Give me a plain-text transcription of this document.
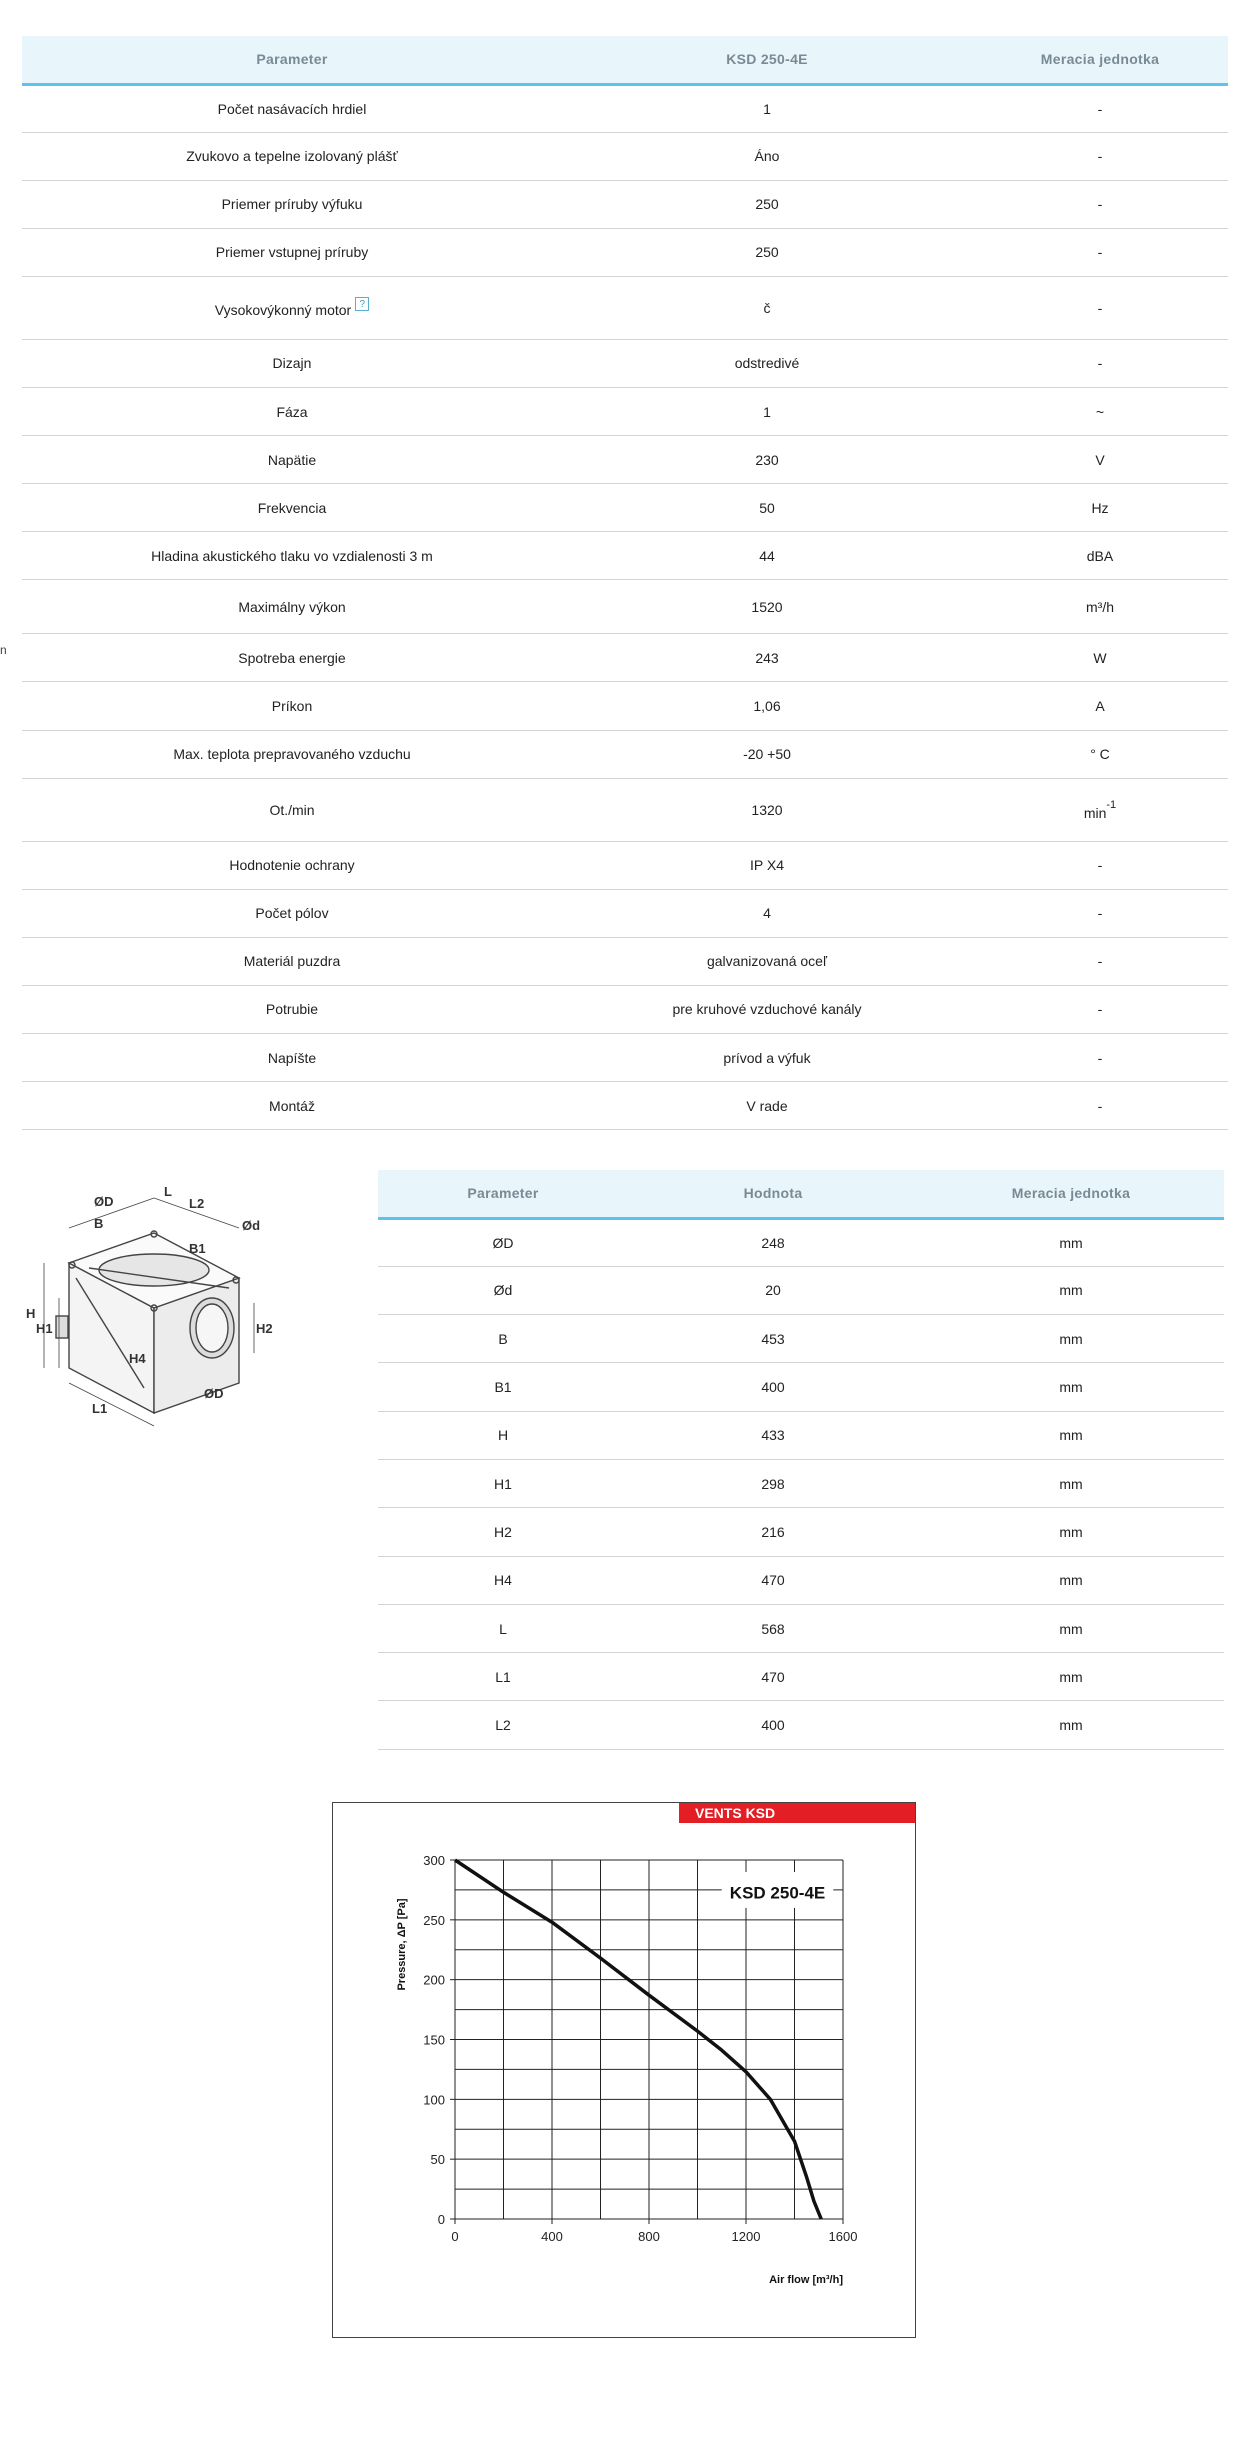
Parameter	KSD 250-4E	Meracia jednotka
Počet nasávacích hrdiel	1	-
Zvukovo a tepelne izolovaný plášť	Áno	-
Priemer príruby výfuku	250	-
Priemer vstupnej príruby	250	-
Vysokovýkonný motor ?	č	-
Dizajn	odstredivé	-
Fáza	1	~
Napätie	230	V
Frekvencia	50	Hz
Hladina akustického tlaku vo vzdialenosti 3 m	44	dBA
Maximálny výkon	1520	m³/h
Spotreba energie	243	W
Príkon	1,06	A
Max. teplota prepravovaného vzduchu	-20 +50	° C
Ot./min	1320	$\min^{-1}$
Hodnotenie ochrany	IP X4	-
Počet pólov	4	-
Materiál puzdra	galvanizovaná oceľ	-
Potrubie	pre kruhové vzduchové kanály	-
Napíšte	prívod a výfuk	-
Montáž	V rade	-
n
ØD
B
L
L2
Ød
B1
H
H1	H2
H4
L1
ØD
Parameter	Hodnota	Meracia jednotka
ØD	248	mm
Ød	20	mm
B	453	mm
B1	400	mm
H	433	mm
H1	298	mm
H2	216	mm
H4	470	mm
L	568	mm
L1	470	mm
L2	400	mm
VENTS KSD
0	400	800	1200	1600
0
50
100
150
200
250
300
KSD 250-4E
Air flow [m³/h]
Pressure, ΔP [Pa]
